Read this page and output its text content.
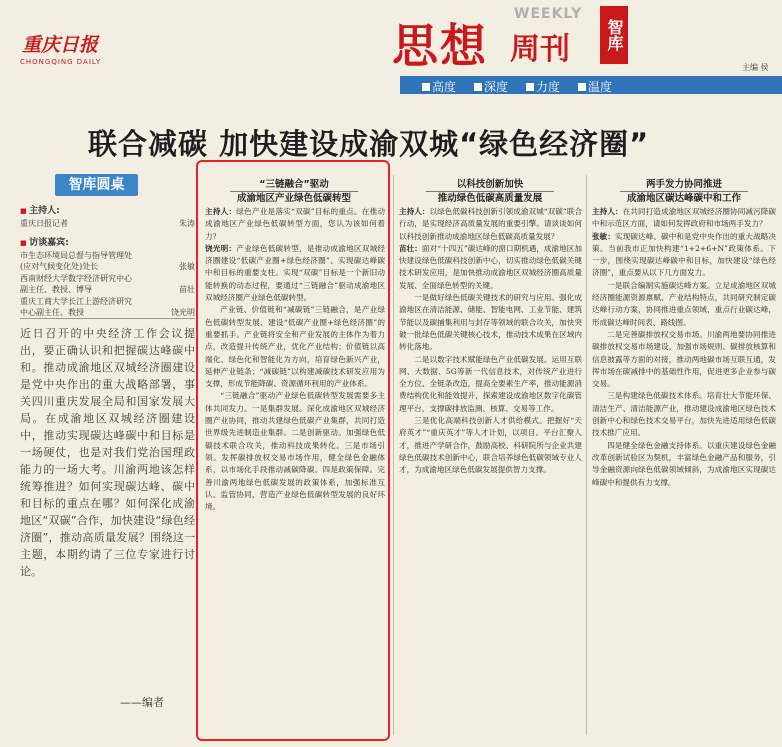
重庆日报
CHONGQING DAILY	思想
WEEKLY
周刊	智库
主编 侯
高度	深度	力度	温度
联合减碳 加快建设成渝双城“绿色经济圈”
智库圆桌
■ 主持人:
重庆日报记者	朱涛
■ 访谈嘉宾:
市生态环境局总督与指导管理处
(应对气候变化处)处长	张敏
西南财经大学数字经济研究中心
副主任、教授、博导	苗壮
重庆工商大学长江上游经济研究
中心副主任、教授	饶光明
近日召开的中央经济工作会议提出，要正确认识和把握碳达峰碳中和。推动成渝地区双城经济圈建设是党中央作出的重大战略部署，事关四川重庆发展全局和国家发展大局。在成渝地区双城经济圈建设中，推动实现碳达峰碳中和目标是一场硬仗，也是对我们党治国理政能力的一场大考。川渝两地该怎样统筹推进？如何实现碳达峰、碳中和目标的重点在哪？如何深化成渝地区“双碳”合作，加快建设“绿色经济圈”，推动高质量发展？围绕这一主题，本期约请了三位专家进行讨论。
——编者
“三链融合”驱动
成渝地区产业绿色低碳转型

主持人：绿色产业是落实“双碳”目标的重点。在推动成渝地区产业绿色低碳转型方面，您认为该如何着力？

饶光明：产业绿色低碳转型，是推动成渝地区双城经济圈建设“低碳产业圈+绿色经济圈”、实现碳达峰碳中和目标的重要支柱。实现“双碳”目标是一个新旧动能转换的动态过程，要通过“三链融合”驱动成渝地区双城经济圈产业绿色低碳转型。

产业链、价值链和“减碳链”三链融合，是产业绿色低碳转型发展、建设“低碳产业圈+绿色经济圈”的重要抓手。产业链将安全和产业发展的主体作为着力点，改造提升传统产业，优化产业结构；价值链以高端化、绿色化和智能化为方向，培育绿色新兴产业，延伸产业链条；“减碳链”以构建减碳技术研发应用为支撑，形成节能降碳、资源循环利用的产业体系。

“三链融合”驱动产业绿色低碳转型发展需要多主体共同发力。一是集群发展。深化成渝地区双城经济圈产业协同，推动共建绿色低碳产业集群，共同打造世界级先进制造业集群。二是创新驱动。加强绿色低碳技术联合攻关，推动科技成果转化。三是市场引领。发挥碳排放权交易市场作用，健全绿色金融体系，以市场化手段推动减碳降碳。四是政策保障。完善川渝两地绿色低碳发展的政策体系，加强标准互认、监管协同，营造产业绿色低碳转型发展的良好环境。

以科技创新加快
推动绿色低碳高质量发展

主持人：以绿色低碳科技创新引领成渝双城“双碳”联合行动，是实现经济高质量发展的重要引擎。请谈谈如何以科技创新推动成渝地区绿色低碳高质量发展？

苗壮：面对“十四五”碳达峰的窗口期机遇，成渝地区加快建设绿色低碳科技创新中心，切实推动绿色低碳关键技术研发应用，是加快推动成渝地区双城经济圈高质量发展、全面绿色转型的关键。

一是做好绿色低碳关键技术的研究与应用。强化成渝地区在清洁能源、储能、智能电网、工业节能、建筑节能以及碳捕集利用与封存等领域的联合攻关，加快突破一批绿色低碳关键核心技术，推动技术成果在区域内转化落地。

二是以数字技术赋能绿色产业低碳发展。运用互联网、大数据、5G等新一代信息技术，对传统产业进行全方位、全链条改造，提高全要素生产率，推动能源消费结构优化和能效提升，探索建设成渝地区数字化碳管理平台，支撑碳排放监测、核算、交易等工作。

三是优化高端科技创新人才供给模式。把握好“天府英才”“重庆英才”等人才计划，以项目、平台汇聚人才，推进产学研合作，鼓励高校、科研院所与企业共建绿色低碳技术创新中心，联合培养绿色低碳领域专业人才，为成渝地区绿色低碳发展提供智力支撑。

两手发力协同推进
成渝地区碳达峰碳中和工作

主持人：在共同打造成渝地区双城经济圈协同减污降碳中和示范区方面，请如何发挥政府和市场两手发力？

张敏：实现碳达峰、碳中和是党中央作出的重大战略决策。当前我市正加快构建“1+2+6+N”政策体系。下一步，围绕实现碳达峰碳中和目标，加快建设“绿色经济圈”，重点要从以下几方面发力。

一是联合编制实施碳达峰方案。立足成渝地区双城经济圈能源资源禀赋、产业结构特点，共同研究制定碳达峰行动方案，协同推进重点领域、重点行业碳达峰，形成碳达峰时间表、路线图。

二是完善碳排放权交易市场。川渝两地要协同推进碳排放权交易市场建设，加强市场规则、碳排放核算和信息披露等方面的对接，推动两地碳市场互联互通，发挥市场在碳减排中的基础性作用，促进更多企业参与碳交易。

三是构建绿色低碳技术体系。培育壮大节能环保、清洁生产、清洁能源产业，推动建设成渝地区绿色技术创新中心和绿色技术交易平台，加快先进适用绿色低碳技术推广应用。

四是健全绿色金融支持体系。以重庆建设绿色金融改革创新试验区为契机，丰富绿色金融产品和服务，引导金融资源向绿色低碳领域倾斜，为成渝地区实现碳达峰碳中和提供有力支撑。
